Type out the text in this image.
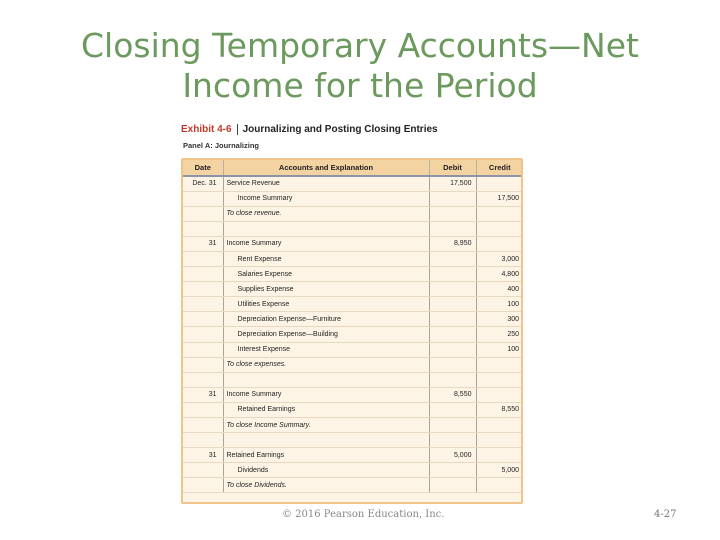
Closing Temporary Accounts—Net
Income for the Period
Exhibit 4-6	Journalizing and Posting Closing Entries
Panel A: Journalizing
Date	Accounts and Explanation	Debit	Credit
Dec. 31	Service Revenue	17,500	
	Income Summary		17,500
	To close revenue.		

31	Income Summary	8,950	
	Rent Expense		3,000
	Salaries Expense		4,800
	Supplies Expense		400
	Utilities Expense		100
	Depreciation Expense—Furniture		300
	Depreciation Expense—Building		250
	Interest Expense		100
	To close expenses.		

31	Income Summary	8,550	
	Retained Earnings		8,550
	To close Income Summary.		

31	Retained Earnings	5,000	
	Dividends		5,000
	To close Dividends.		
© 2016 Pearson Education, Inc.	4-27
